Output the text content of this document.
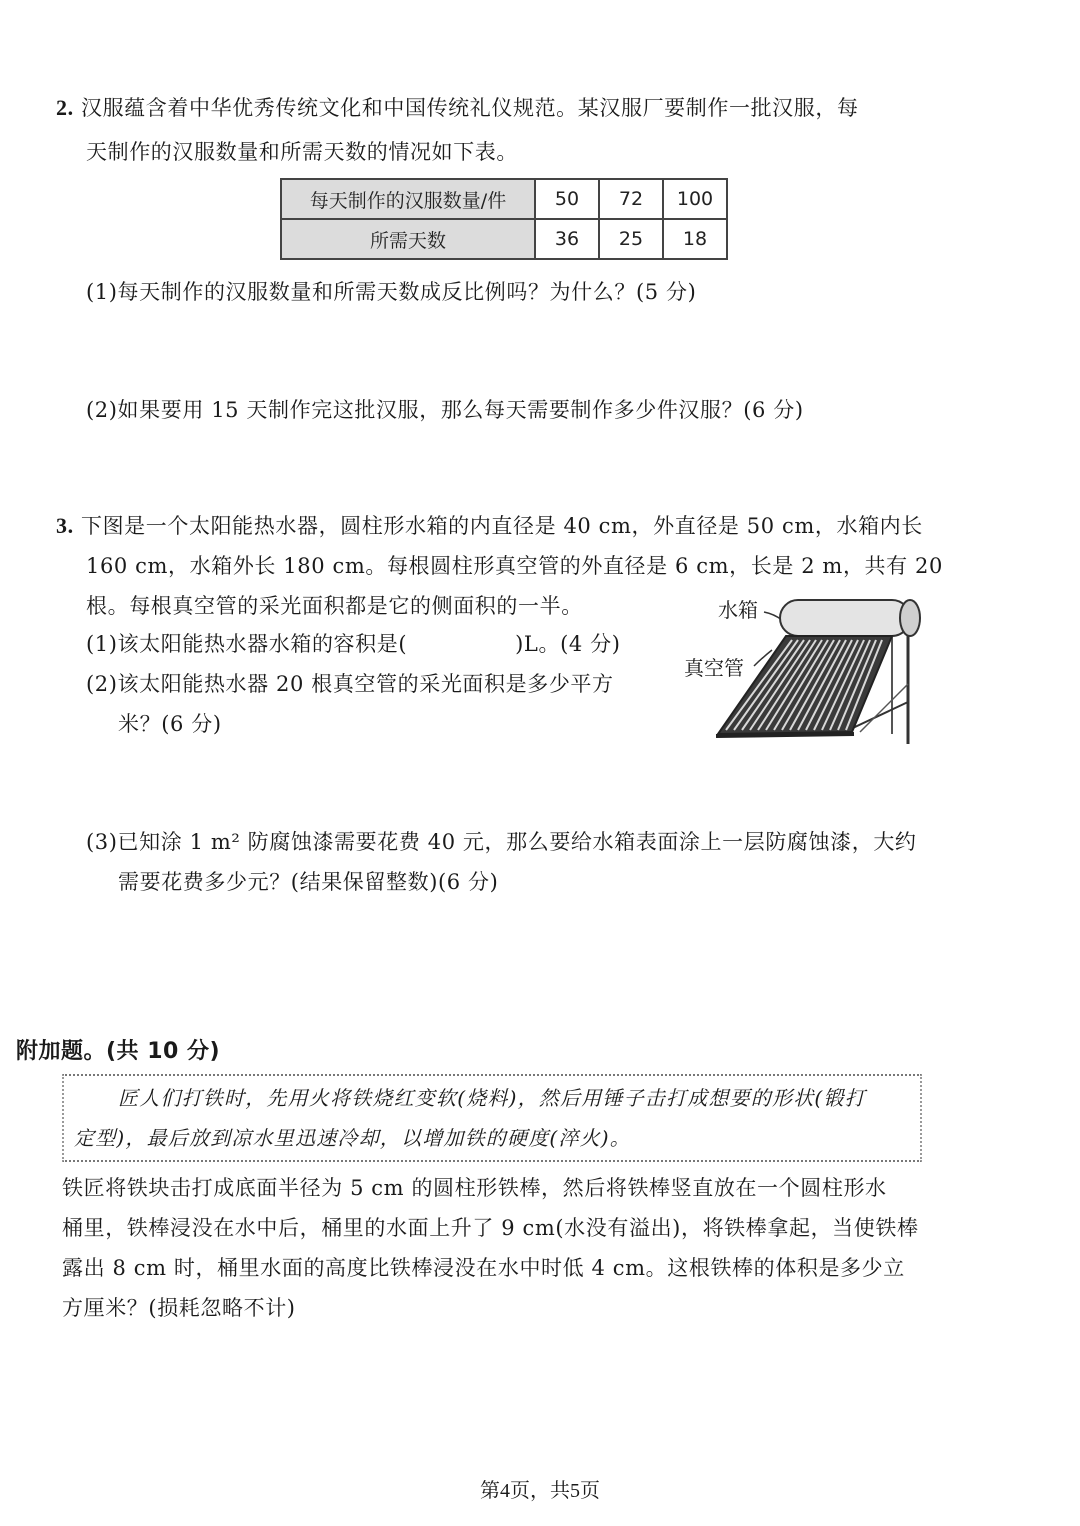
2. 汉服蕴含着中华优秀传统文化和中国传统礼仪规范。某汉服厂要制作一批汉服，每
天制作的汉服数量和所需天数的情况如下表。
每天制作的汉服数量/件	50	72	100
所需天数	36	25	18
(1)每天制作的汉服数量和所需天数成反比例吗？为什么？(5 分)
(2)如果要用 15 天制作完这批汉服，那么每天需要制作多少件汉服？(6 分)
3. 下图是一个太阳能热水器，圆柱形水箱的内直径是 40 cm，外直径是 50 cm，水箱内长
160 cm，水箱外长 180 cm。每根圆柱形真空管的外直径是 6 cm，长是 2 m，共有 20
根。每根真空管的采光面积都是它的侧面积的一半。
(1)该太阳能热水器水箱的容积是(　　　　　)L。(4 分)
(2)该太阳能热水器 20 根真空管的采光面积是多少平方
米？(6 分)
水箱
真空管
(3)已知涂 1 m² 防腐蚀漆需要花费 40 元，那么要给水箱表面涂上一层防腐蚀漆，大约
需要花费多少元？(结果保留整数)(6 分)
附加题。(共 10 分)
匠人们打铁时，先用火将铁烧红变软(烧料)，然后用锤子击打成想要的形状(锻打
定型)，最后放到凉水里迅速冷却，以增加铁的硬度(淬火)。
铁匠将铁块击打成底面半径为 5 cm 的圆柱形铁棒，然后将铁棒竖直放在一个圆柱形水
桶里，铁棒浸没在水中后，桶里的水面上升了 9 cm(水没有溢出)，将铁棒拿起，当使铁棒
露出 8 cm 时，桶里水面的高度比铁棒浸没在水中时低 4 cm。这根铁棒的体积是多少立
方厘米？(损耗忽略不计)
第4页，共5页
